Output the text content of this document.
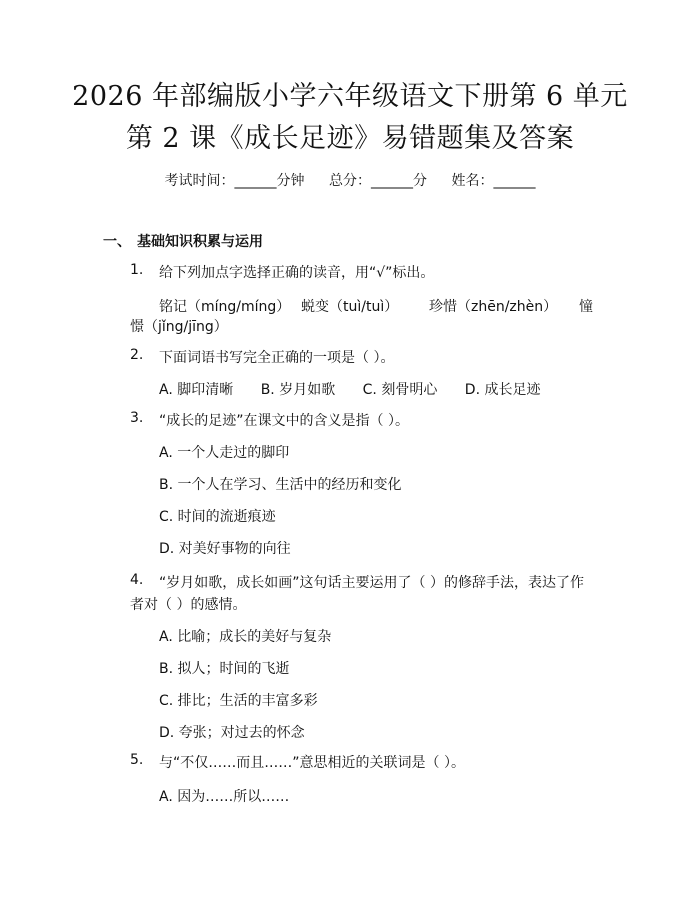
2026 年部编版小学六年级语文下册第 6 单元
第 2 课《成长足迹》易错题集及答案
考试时间：______分钟 总分：______分 姓名：______
一、 基础知识积累与运用
1. 给下列加点字选择正确的读音，用“√”标出。
铭记（míng/míng） 蜕变（tuì/tuì） 珍惜（zhēn/zhèn） 憧
憬（jǐng/jīng）
2. 下面词语书写完全正确的一项是（ ）。
A. 脚印清晰 B. 岁月如歌 C. 刻骨明心 D. 成长足迹
3. “成长的足迹”在课文中的含义是指（ ）。
A. 一个人走过的脚印
B. 一个人在学习、生活中的经历和变化
C. 时间的流逝痕迹
D. 对美好事物的向往
4. “岁月如歌，成长如画”这句话主要运用了（ ）的修辞手法，表达了作
者对（ ）的感情。
A. 比喻；成长的美好与复杂
B. 拟人；时间的飞逝
C. 排比；生活的丰富多彩
D. 夸张；对过去的怀念
5. 与“不仅……而且……”意思相近的关联词是（ ）。
A. 因为……所以……
